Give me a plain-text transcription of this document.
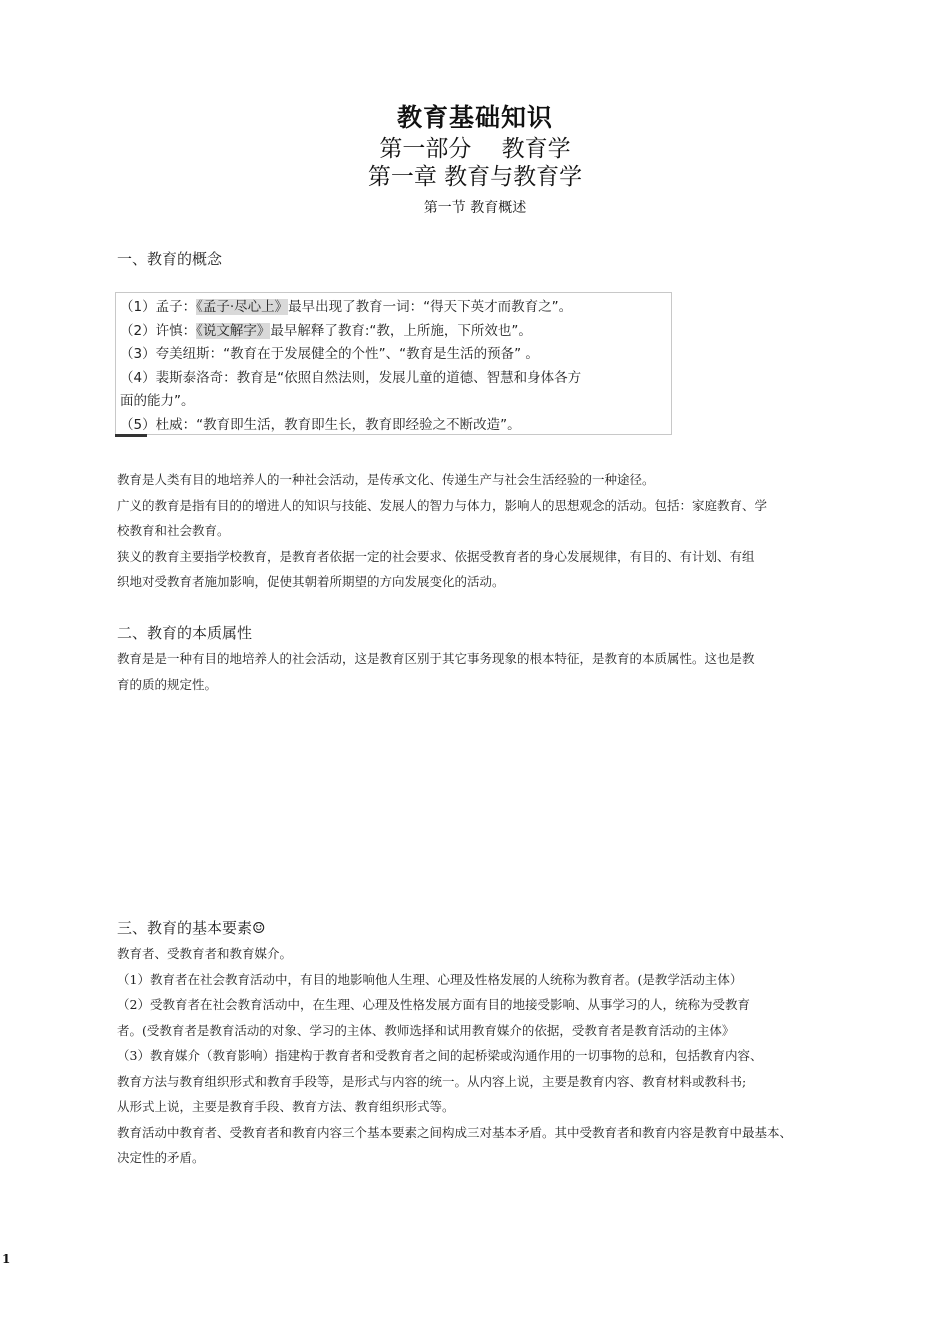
教育基础知识
第一部分　 教育学
第一章 教育与教育学
第一节 教育概述
一、教育的概念
（1）孟子：《孟子·尽心上》最早出现了教育一词：“得天下英才而教育之”。
（2）许慎：《说文解字》最早解释了教育:“教，上所施，下所效也”。
（3）夸美纽斯：“教育在于发展健全的个性”、“教育是生活的预备” 。
（4）裴斯泰洛奇：教育是“依照自然法则，发展儿童的道德、智慧和身体各方
面的能力”。
（5）杜威：“教育即生活，教育即生长，教育即经验之不断改造”。

教育是人类有目的地培养人的一种社会活动，是传承文化、传递生产与社会生活经验的一种途径。

广义的教育是指有目的的增进人的知识与技能、发展人的智力与体力，影响人的思想观念的活动。包括：家庭教育、学

校教育和社会教育。

狭义的教育主要指学校教育，是教育者依据一定的社会要求、依据受教育者的身心发展规律，有目的、有计划、有组

织地对受教育者施加影响，促使其朝着所期望的方向发展变化的活动。

二、教育的本质属性

教育是是一种有目的地培养人的社会活动，这是教育区别于其它事务现象的根本特征，是教育的本质属性。这也是教

育的质的规定性。

三、教育的基本要素☺

教育者、受教育者和教育媒介。

（1）教育者在社会教育活动中，有目的地影响他人生理、心理及性格发展的人统称为教育者。(是教学活动主体）

（2）受教育者在社会教育活动中，在生理、心理及性格发展方面有目的地接受影响、从事学习的人，统称为受教育

者。(受教育者是教育活动的对象、学习的主体、教师选择和试用教育媒介的依据，受教育者是教育活动的主体》

（3）教育媒介（教育影响）指建构于教育者和受教育者之间的起桥梁或沟通作用的一切事物的总和，包括教育内容、

教育方法与教育组织形式和教育手段等，是形式与内容的统一。从内容上说，主要是教育内容、教育材料或教科书;

从形式上说，主要是教育手段、教育方法、教育组织形式等。

教育活动中教育者、受教育者和教育内容三个基本要素之间构成三对基本矛盾。其中受教育者和教育内容是教育中最基本、

决定性的矛盾。

1
